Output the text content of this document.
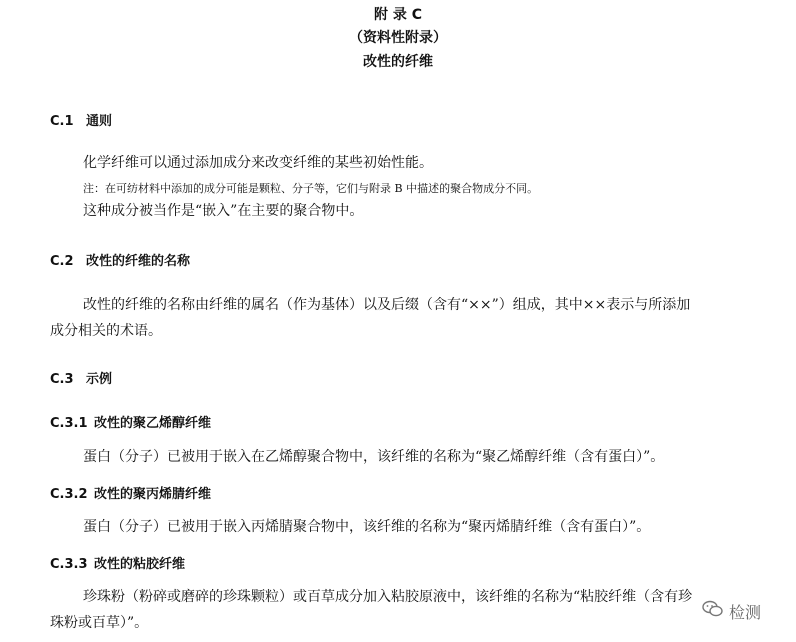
附 录 C
（资料性附录）
改性的纤维
C.1 通则
化学纤维可以通过添加成分来改变纤维的某些初始性能。
注：在可纺材料中添加的成分可能是颗粒、分子等，它们与附录 B 中描述的聚合物成分不同。
这种成分被当作是“嵌入”在主要的聚合物中。
C.2 改性的纤维的名称
改性的纤维的名称由纤维的属名（作为基体）以及后缀（含有“××”）组成，其中××表示与所添加
成分相关的术语。
C.3 示例
C.3.1 改性的聚乙烯醇纤维
蛋白（分子）已被用于嵌入在乙烯醇聚合物中，该纤维的名称为“聚乙烯醇纤维（含有蛋白）”。
C.3.2 改性的聚丙烯腈纤维
蛋白（分子）已被用于嵌入丙烯腈聚合物中，该纤维的名称为“聚丙烯腈纤维（含有蛋白）”。
C.3.3 改性的粘胶纤维
珍珠粉（粉碎或磨碎的珍珠颗粒）或百草成分加入粘胶原液中，该纤维的名称为“粘胶纤维（含有珍
珠粉或百草）”。
检测
